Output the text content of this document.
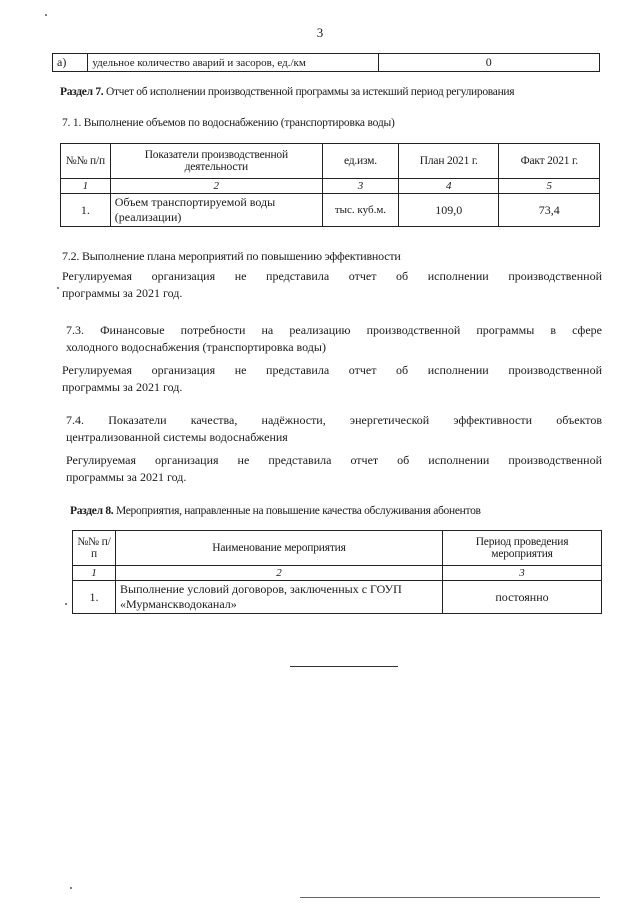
3
а)	удельное количество аварий и засоров, ед./км	0
Раздел 7. Отчет об исполнении производственной программы за истекший период регулирования
7. 1. Выполнение объемов по водоснабжению (транспортировка воды)
№№ п/п	Показатели производственной деятельности	ед.изм.	План 2021 г.	Факт 2021 г.
1	2	3	4	5
1.	Объем транспортируемой воды (реализации)	тыс. куб.м.	109,0	73,4
7.2. Выполнение плана мероприятий по повышению эффективности
Регулируемая организация не представила отчет об исполнении производственной
программы за 2021 год.
7.3. Финансовые потребности на реализацию производственной программы в сфере
холодного водоснабжения (транспортировка воды)
Регулируемая организация не представила отчет об исполнении производственной
программы за 2021 год.
7.4. Показатели качества, надёжности, энергетической эффективности объектов
централизованной системы водоснабжения
Регулируемая организация не представила отчет об исполнении производственной
программы за 2021 год.
Раздел 8. Мероприятия, направленные на повышение качества обслуживания абонентов
№№ п/п	Наименование мероприятия	Период проведения мероприятия
1	2	3
1.	Выполнение условий договоров, заключенных с ГОУП «Мурманскводоканал»	постоянно
